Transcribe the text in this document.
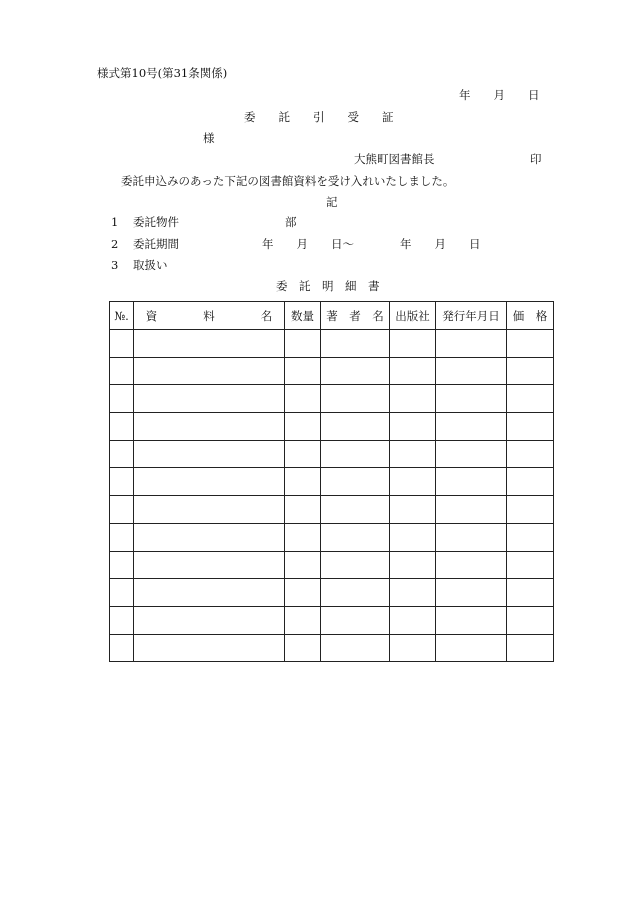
様式第10号(第31条関係)
年　　月　　日
委　　託　　引　　受　　証
様
大熊町図書館長	印
委託申込みのあった下記の図書館資料を受け入れいたしました。
記
1 委託物件	部
2 委託期間	年　　月　　日～　　　　年　　月　　日
3 取扱い
委　託　明　細　書
№.	資　　　　料　　　　名	数量	著　者　名	出版社	発行年月日	価　格
